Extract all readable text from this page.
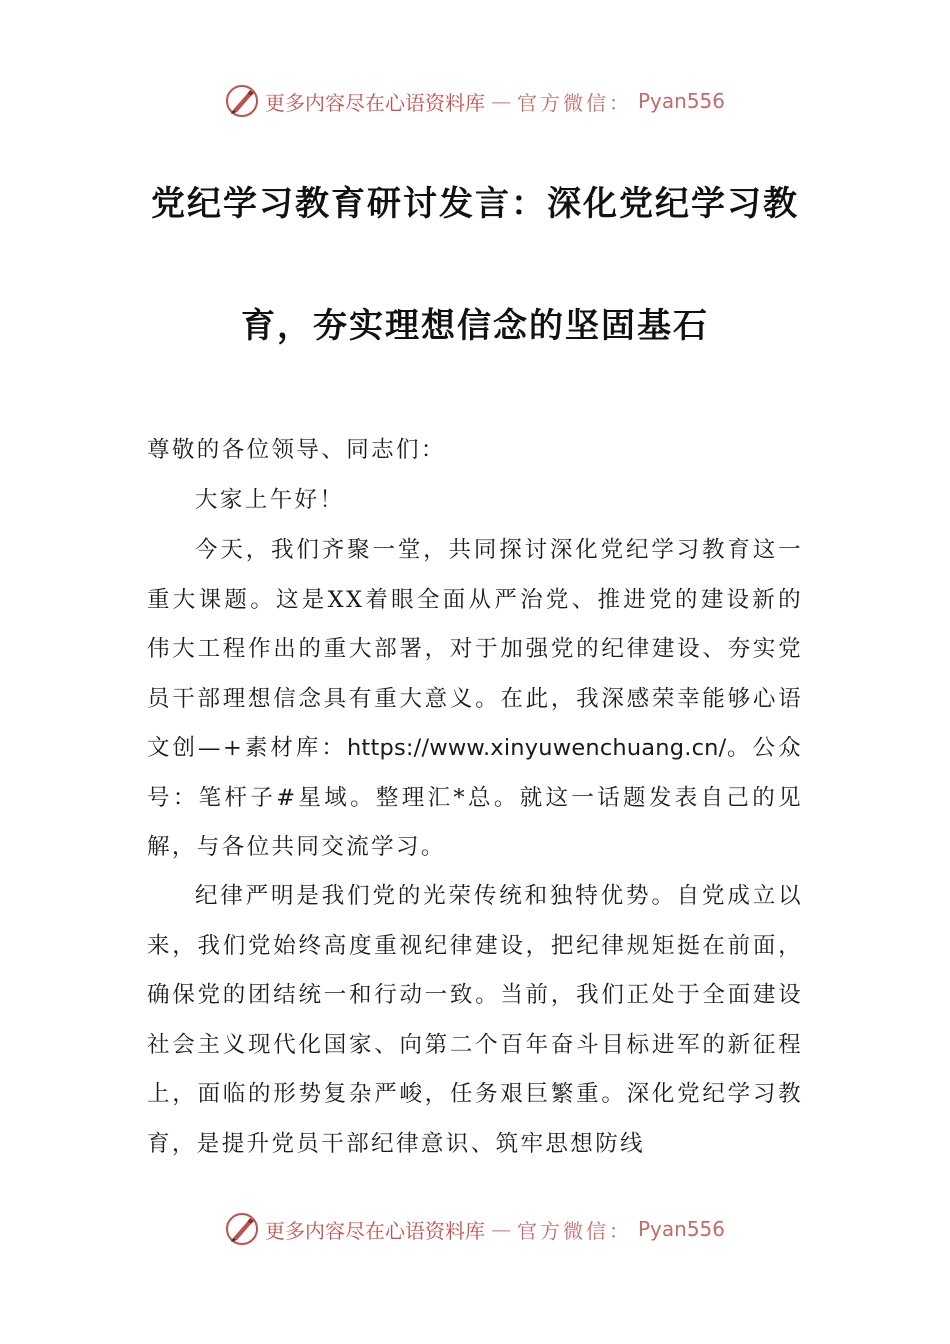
更多内容尽在心语资料库 — 官方微信： Pyan556
党纪学习教育研讨发言：深化党纪学习教
育，夯实理想信念的坚固基石
尊敬的各位领导、同志们：
大家上午好！

今天，我们齐聚一堂，共同探讨深化党纪学习教育这一重大课题。这是XX着眼全面从严治党、推进党的建设新的伟大工程作出的重大部署，对于加强党的纪律建设、夯实党员干部理想信念具有重大意义。在此，我深感荣幸能够心语文创—+素材库：https://www.xinyuwenchuang.cn/。公众号：笔杆子#星域。整理汇*总。就这一话题发表自己的见解，与各位共同交流学习。

纪律严明是我们党的光荣传统和独特优势。自党成立以来，我们党始终高度重视纪律建设，把纪律规矩挺在前面，确保党的团结统一和行动一致。当前，我们正处于全面建设社会主义现代化国家、向第二个百年奋斗目标进军的新征程上，面临的形势复杂严峻，任务艰巨繁重。深化党纪学习教育，是提升党员干部纪律意识、筑牢思想防线

更多内容尽在心语资料库 — 官方微信： Pyan556
